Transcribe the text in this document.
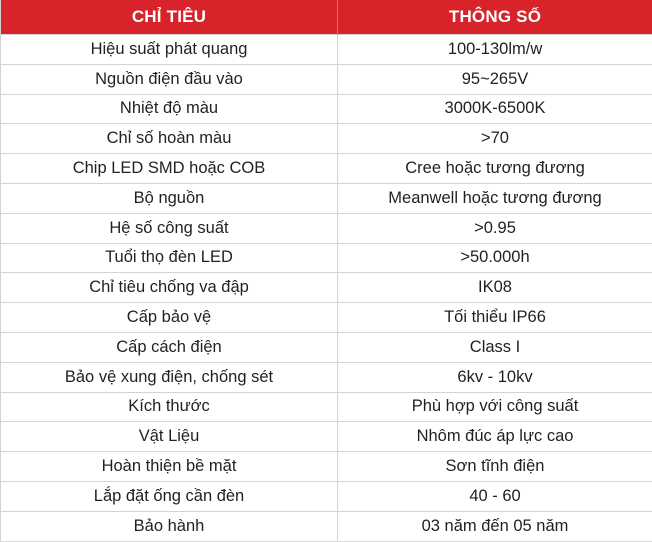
CHỈ TIÊU	THÔNG SỐ
Hiệu suất phát quang	100-130lm/w
Nguồn điện đầu vào	95~265V
Nhiệt độ màu	3000K-6500K
Chỉ số hoàn màu	>70
Chip LED SMD hoặc COB	Cree hoặc tương đương
Bộ nguồn	Meanwell hoặc tương đương
Hệ số công suất	>0.95
Tuổi thọ đèn LED	>50.000h
Chỉ tiêu chống va đập	IK08
Cấp bảo vệ	Tối thiểu IP66
Cấp cách điện	Class I
Bảo vệ xung điện, chống sét	6kv - 10kv
Kích thước	Phù hợp với công suất
Vật Liệu	Nhôm đúc áp lực cao
Hoàn thiện bề mặt	Sơn tĩnh điện
Lắp đặt ống cần đèn	40 - 60
Bảo hành	03 năm đến 05 năm
